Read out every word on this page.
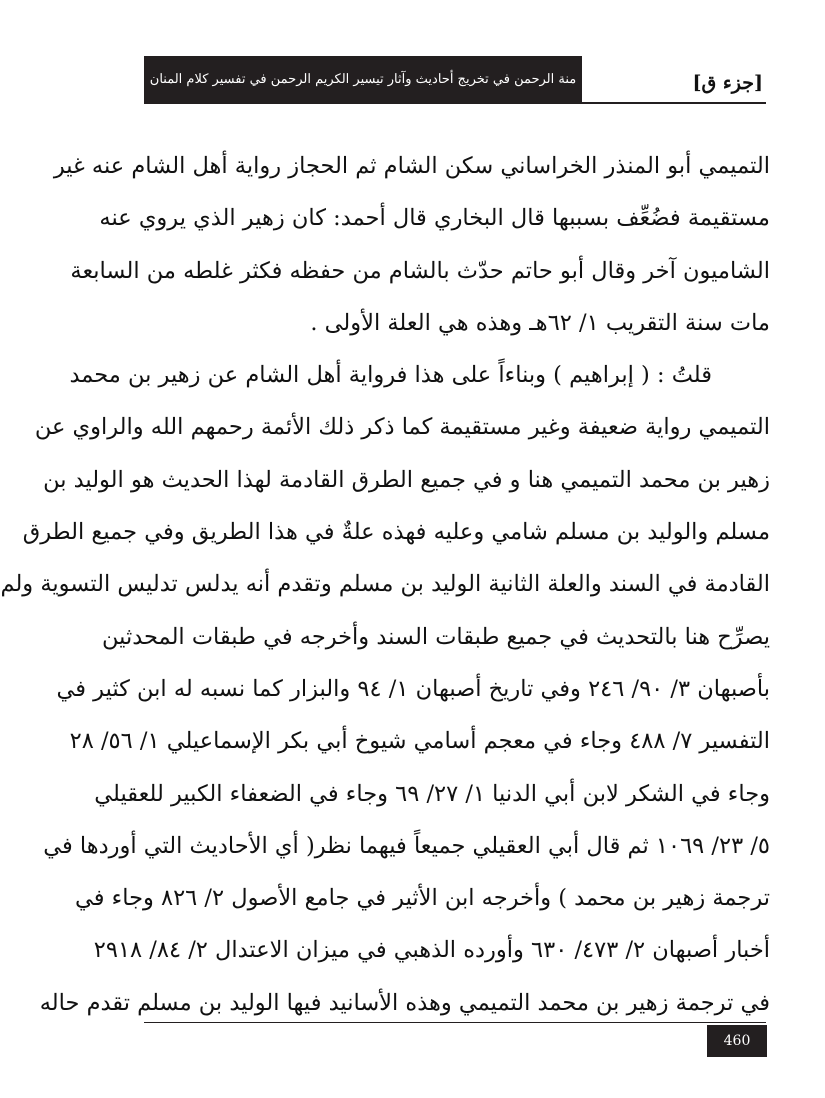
منة الرحمن في تخريج أحاديث وآثار تيسير الكريم الرحمن في تفسير كلام المنان	[جزء ق]
التميمي أبو المنذر الخراساني سكن الشام ثم الحجاز رواية أهل الشام عنه غير
مستقيمة فضُعِّف بسببها قال البخاري قال أحمد: كان زهير الذي يروي عنه
الشاميون آخر وقال أبو حاتم حدّث بالشام من حفظه فكثر غلطه من السابعة
مات سنة التقريب ١/ ٦٢هـ وهذه هي العلة الأولى .
قلتُ : ( إبراهيم ) وبناءاً على هذا فرواية أهل الشام عن زهير بن محمد
التميمي رواية ضعيفة وغير مستقيمة كما ذكر ذلك الأئمة رحمهم الله والراوي عن
زهير بن محمد التميمي هنا و في جميع الطرق القادمة لهذا الحديث هو الوليد بن
مسلم والوليد بن مسلم شامي وعليه فهذه علةٌ في هذا الطريق وفي جميع الطرق
القادمة في السند والعلة الثانية الوليد بن مسلم وتقدم أنه يدلس تدليس التسوية ولم
يصرِّح هنا بالتحديث في جميع طبقات السند وأخرجه في طبقات المحدثين
بأصبهان ٣/ ٩٠/ ٢٤٦ وفي تاريخ أصبهان ١/ ٩٤ والبزار كما نسبه له ابن كثير في
التفسير ٧/ ٤٨٨ وجاء في معجم أسامي شيوخ أبي بكر الإسماعيلي ١/ ٥٦/ ٢٨
وجاء في الشكر لابن أبي الدنيا ١/ ٢٧/ ٦٩ وجاء في الضعفاء الكبير للعقيلي
٥/ ٢٣/ ١٠٦٩ ثم قال أبي العقيلي جميعاً فيهما نظر( أي الأحاديث التي أوردها في
ترجمة زهير بن محمد ) وأخرجه ابن الأثير في جامع الأصول ٢/ ٨٢٦ وجاء في
أخبار أصبهان ٢/ ٤٧٣/ ٦٣٠ وأورده الذهبي في ميزان الاعتدال ٢/ ٨٤/ ٢٩١٨
في ترجمة زهير بن محمد التميمي وهذه الأسانيد فيها الوليد بن مسلم تقدم حاله
460
